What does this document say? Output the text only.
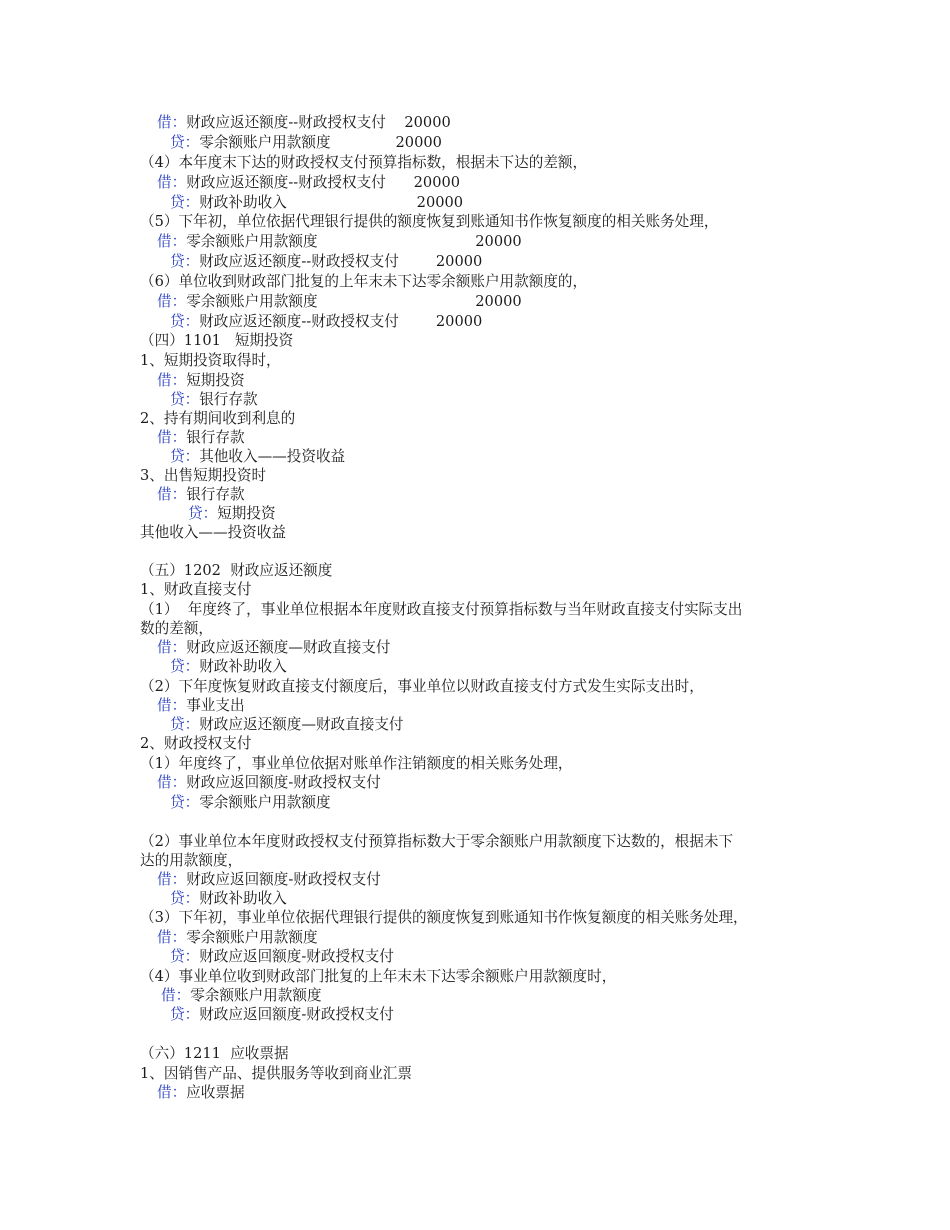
借：财政应返还额度--财政授权支付    20000
贷：零余额账户用款额度              20000
（4）本年度末下达的财政授权支付预算指标数，根据未下达的差额，
借：财政应返还额度--财政授权支付      20000
贷：财政补助收入                            20000
（5）下年初，单位依据代理银行提供的额度恢复到账通知书作恢复额度的相关账务处理，
借：零余额账户用款额度                                  20000
贷：财政应返还额度--财政授权支付        20000
（6）单位收到财政部门批复的上年末未下达零余额账户用款额度的，
借：零余额账户用款额度                                  20000
贷：财政应返还额度--财政授权支付        20000
（四）1101   短期投资
1、短期投资取得时，
借：短期投资
贷：银行存款
2、持有期间收到利息的
借：银行存款
贷：其他收入——投资收益
3、出售短期投资时
借：银行存款
贷：短期投资
其他收入——投资收益
（五）1202  财政应返还额度
1、财政直接支付
（1）  年度终了，事业单位根据本年度财政直接支付预算指标数与当年财政直接支付实际支出
数的差额，
借：财政应返还额度—财政直接支付
贷：财政补助收入
（2）下年度恢复财政直接支付额度后，事业单位以财政直接支付方式发生实际支出时，
借：事业支出
贷：财政应返还额度—财政直接支付
2、财政授权支付
（1）年度终了，事业单位依据对账单作注销额度的相关账务处理，
借：财政应返回额度-财政授权支付
贷：零余额账户用款额度
（2）事业单位本年度财政授权支付预算指标数大于零余额账户用款额度下达数的，根据未下
达的用款额度，
借：财政应返回额度-财政授权支付
贷：财政补助收入
（3）下年初，事业单位依据代理银行提供的额度恢复到账通知书作恢复额度的相关账务处理，
借：零余额账户用款额度
贷：财政应返回额度-财政授权支付
（4）事业单位收到财政部门批复的上年末未下达零余额账户用款额度时，
借：零余额账户用款额度
贷：财政应返回额度-财政授权支付
（六）1211  应收票据
1、因销售产品、提供服务等收到商业汇票
借：应收票据
